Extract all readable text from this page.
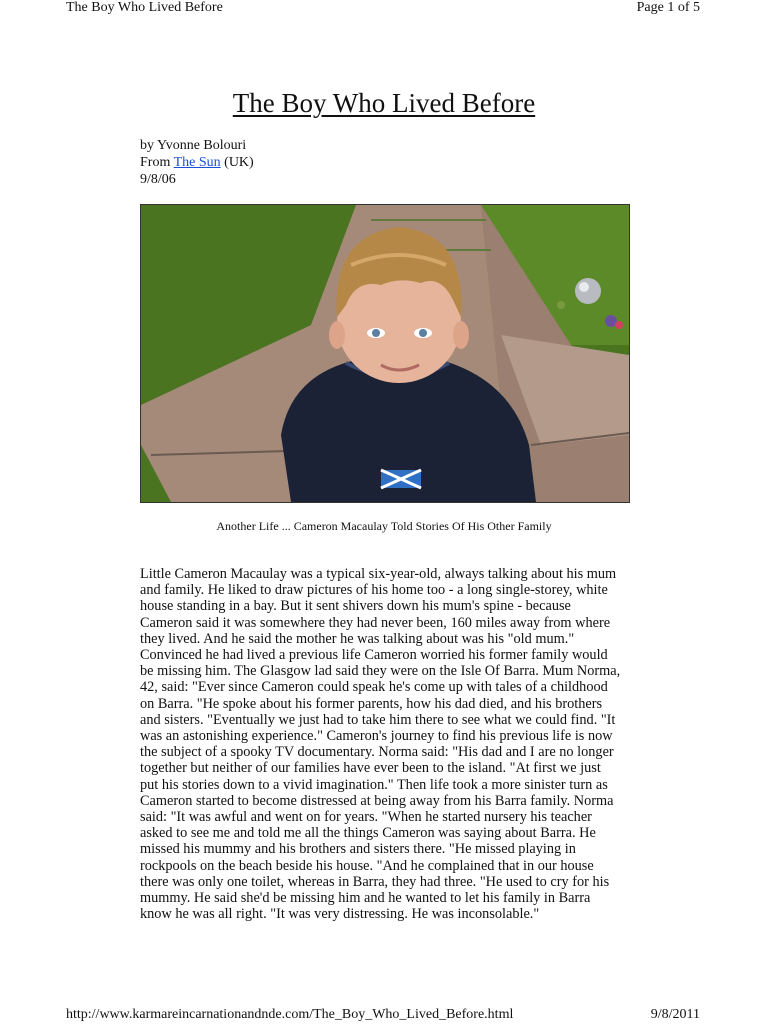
The Boy Who Lived Before	Page 1 of 5
The Boy Who Lived Before
by Yvonne Bolouri
From The Sun (UK)
9/8/06
Another Life ... Cameron Macaulay Told Stories Of His Other Family
Little Cameron Macaulay was a typical six-year-old, always talking about his mum
and family. He liked to draw pictures of his home too - a long single-storey, white
house standing in a bay. But it sent shivers down his mum's spine - because
Cameron said it was somewhere they had never been, 160 miles away from where
they lived. And he said the mother he was talking about was his "old mum."
Convinced he had lived a previous life Cameron worried his former family would
be missing him. The Glasgow lad said they were on the Isle Of Barra. Mum Norma,
42, said: "Ever since Cameron could speak he's come up with tales of a childhood
on Barra. "He spoke about his former parents, how his dad died, and his brothers
and sisters. "Eventually we just had to take him there to see what we could find. "It
was an astonishing experience." Cameron's journey to find his previous life is now
the subject of a spooky TV documentary. Norma said: "His dad and I are no longer
together but neither of our families have ever been to the island. "At first we just
put his stories down to a vivid imagination." Then life took a more sinister turn as
Cameron started to become distressed at being away from his Barra family. Norma
said: "It was awful and went on for years. "When he started nursery his teacher
asked to see me and told me all the things Cameron was saying about Barra. He
missed his mummy and his brothers and sisters there. "He missed playing in
rockpools on the beach beside his house. "And he complained that in our house
there was only one toilet, whereas in Barra, they had three. "He used to cry for his
mummy. He said she'd be missing him and he wanted to let his family in Barra
know he was all right. "It was very distressing. He was inconsolable."
http://www.karmareincarnationandnde.com/The_Boy_Who_Lived_Before.html	9/8/2011
